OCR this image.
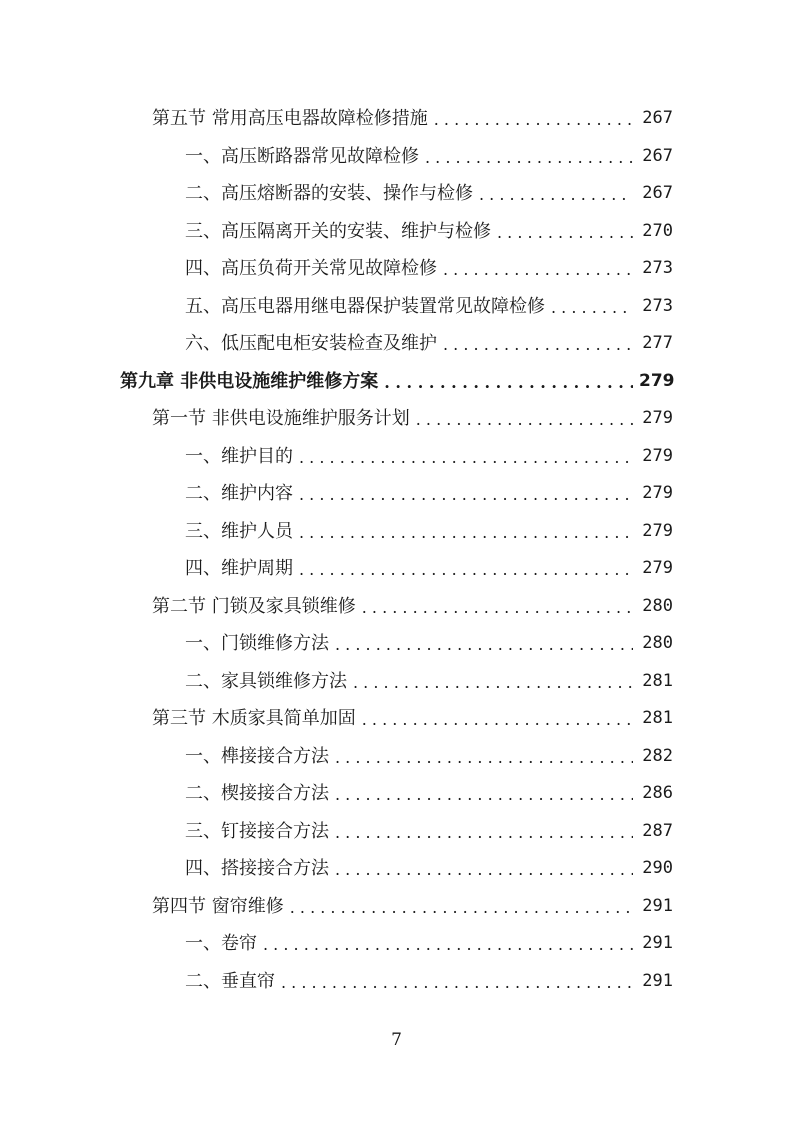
第五节 常用高压电器故障检修措施 . . .	267
一、高压断路器常见故障检修 . . .	267
二、高压熔断器的安装、操作与检修 . . .	267
三、高压隔离开关的安装、维护与检修 . . .	270
四、高压负荷开关常见故障检修 . . .	273
五、高压电器用继电器保护装置常见故障检修 . . .	273
六、低压配电柜安装检查及维护 . . .	277
第九章 非供电设施维护维修方案 . . .	279
第一节 非供电设施维护服务计划 . . .	279
一、维护目的 . . .	279
二、维护内容 . . .	279
三、维护人员 . . .	279
四、维护周期 . . .	279
第二节 门锁及家具锁维修 . . .	280
一、门锁维修方法 . . .	280
二、家具锁维修方法 . . .	281
第三节 木质家具简单加固 . . .	281
一、榫接接合方法 . . .	282
二、楔接接合方法 . . .	286
三、钉接接合方法 . . .	287
四、搭接接合方法 . . .	290
第四节 窗帘维修 . . .	291
一、卷帘 . . .	291
二、垂直帘 . . .	291
7
